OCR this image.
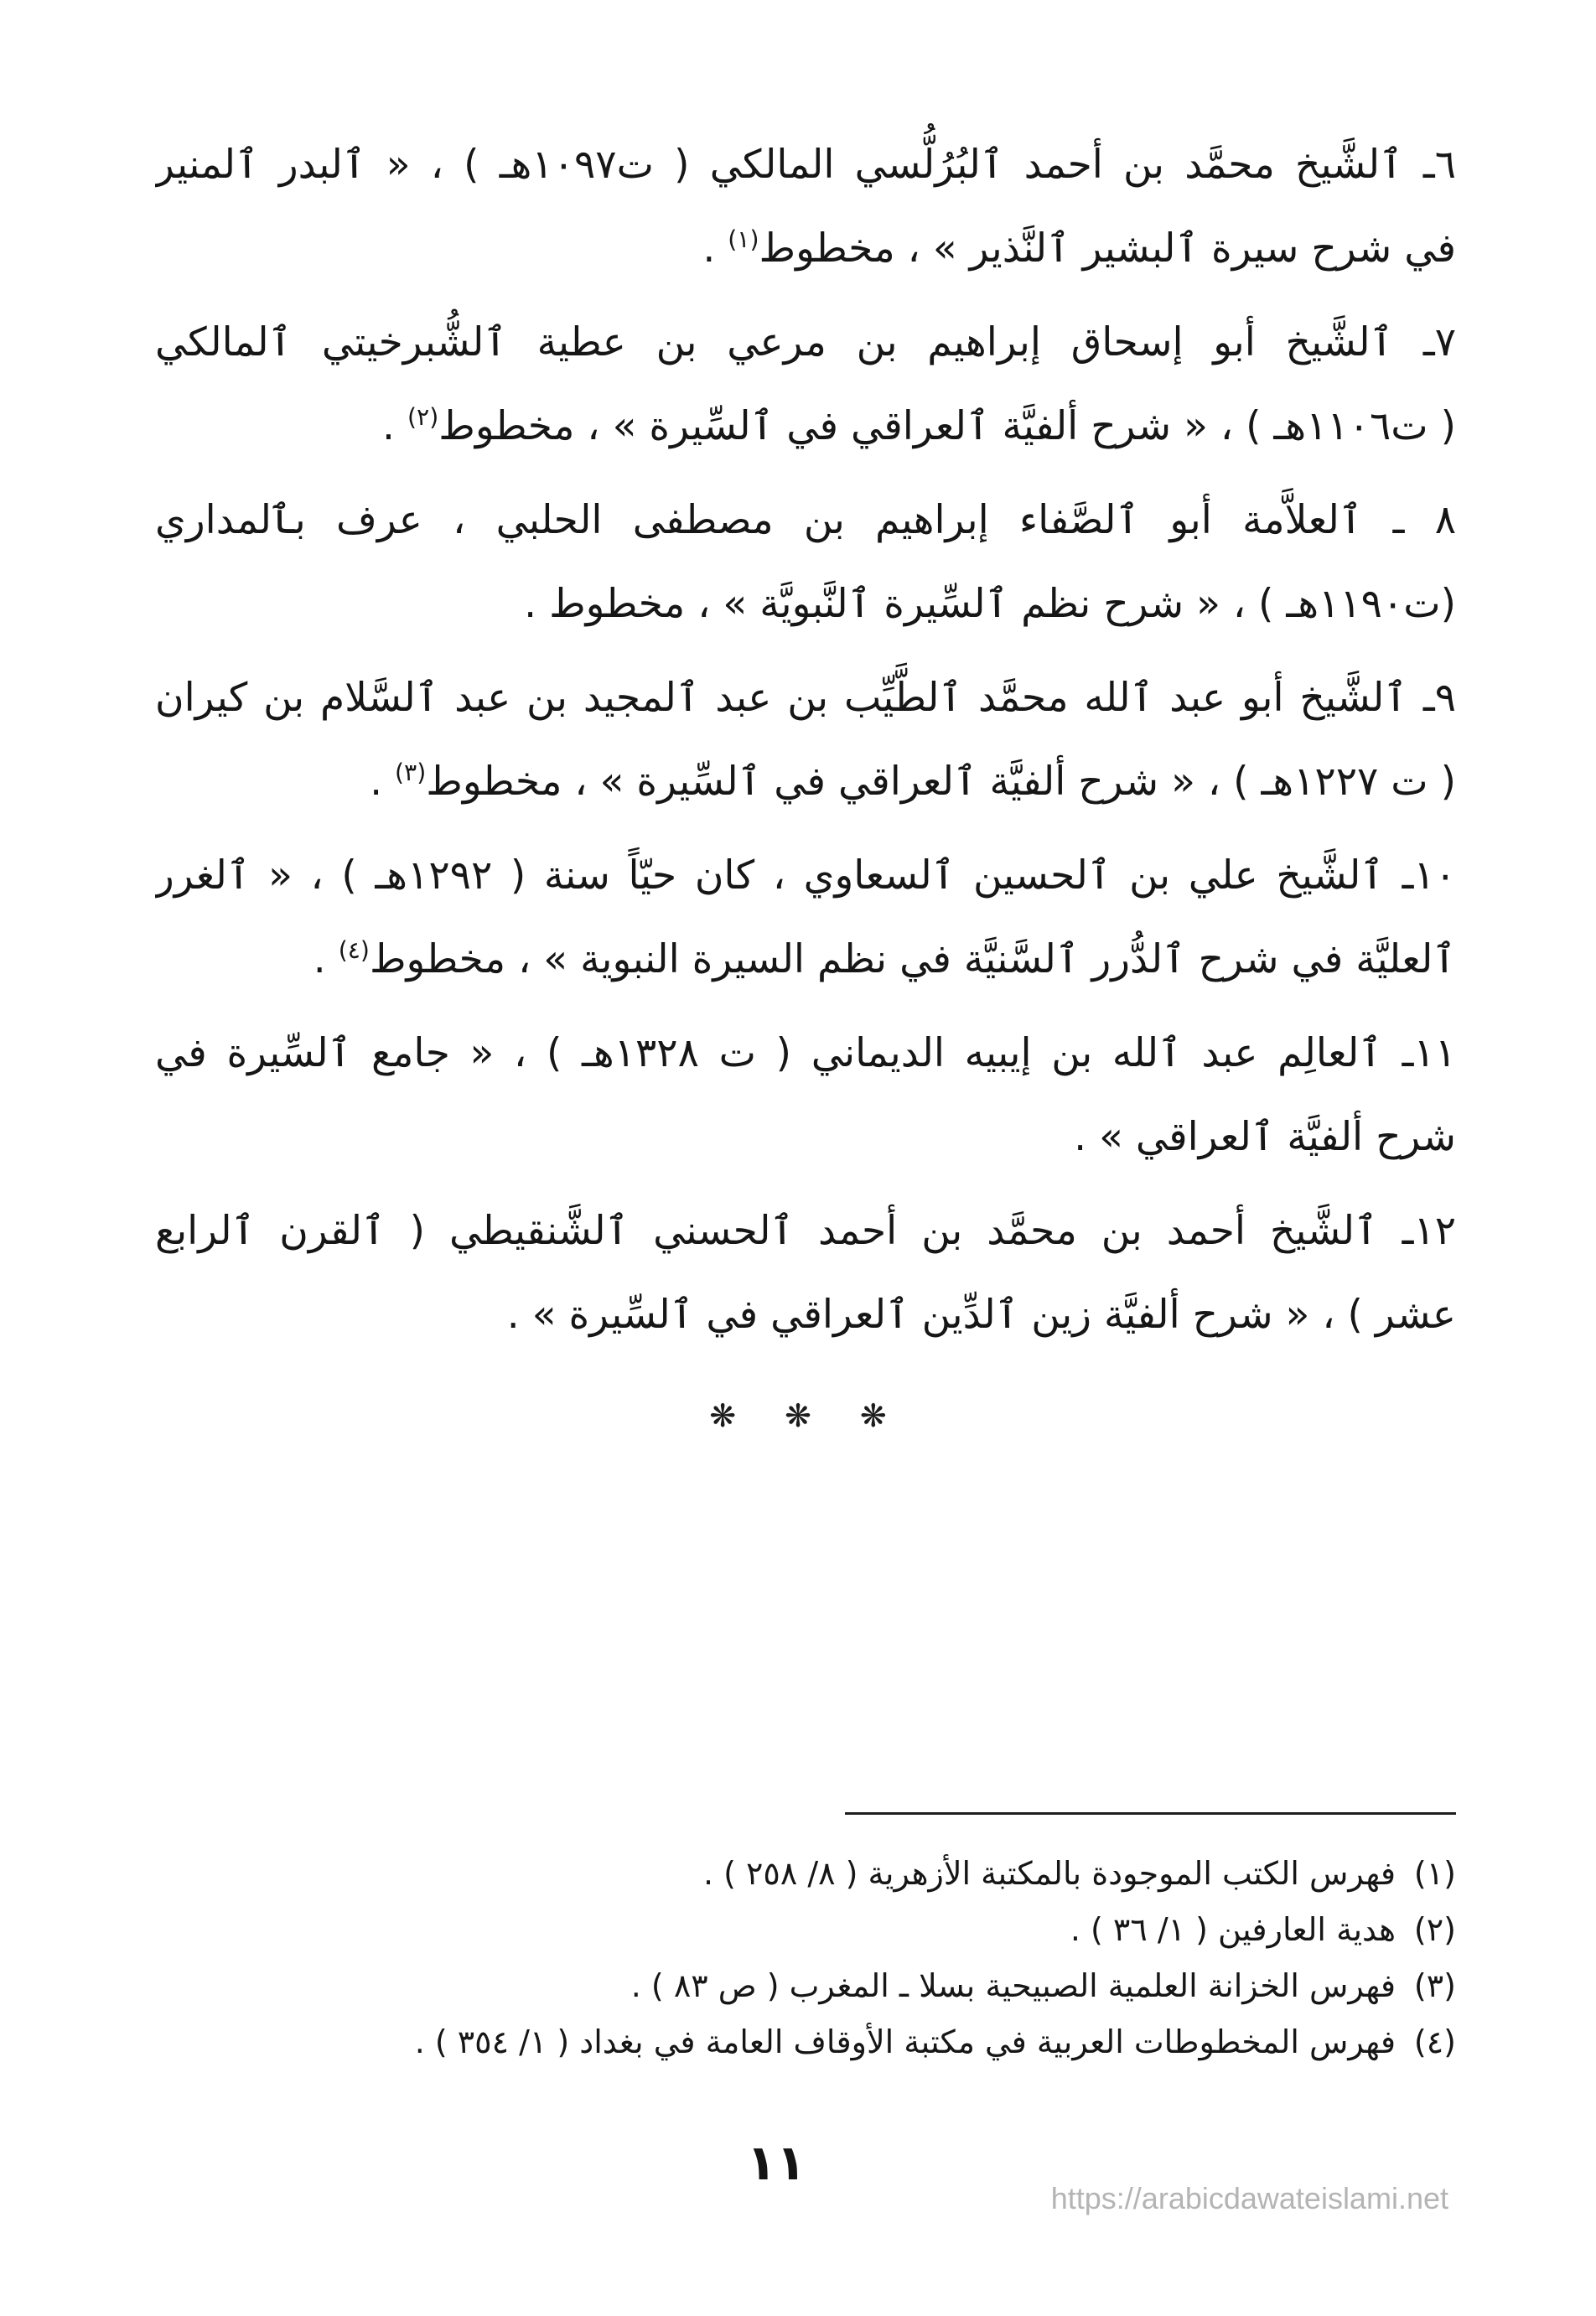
٦ـ ٱلشَّيخ محمَّد بن أحمد ٱلبُرُلُّسي المالكي ( ت١٠٩٧هـ ) ، « ٱلبدر ٱلمنير
في شرح سيرة ٱلبشير ٱلنَّذير » ، مخطوط$^{(١)}$ .
٧ـ ٱلشَّيخ أبو إسحاق إبراهيم بن مرعي بن عطية ٱلشُّبرخيتي ٱلمالكي
( ت١١٠٦هـ ) ، « شرح ألفيَّة ٱلعراقي في ٱلسِّيرة » ، مخطوط$^{(٢)}$ .
٨ ـ ٱلعلاَّمة أبو ٱلصَّفاء إبراهيم بن مصطفى الحلبي ، عرف بٱلمداري
(ت١١٩٠هـ ) ، « شرح نظم ٱلسِّيرة ٱلنَّبويَّة » ، مخطوط .
٩ـ ٱلشَّيخ أبو عبد ٱلله محمَّد ٱلطَّيِّب بن عبد ٱلمجيد بن عبد ٱلسَّلام بن كيران
( ت ١٢٢٧هـ ) ، « شرح ألفيَّة ٱلعراقي في ٱلسِّيرة » ، مخطوط$^{(٣)}$ .
١٠ـ ٱلشَّيخ علي بن ٱلحسين ٱلسعاوي ، كان حيّاً سنة ( ١٢٩٢هـ ) ، « ٱلغرر
ٱلعليَّة في شرح ٱلدُّرر ٱلسَّنيَّة في نظم السيرة النبوية » ، مخطوط$^{(٤)}$ .
١١ـ ٱلعالِم عبد ٱلله بن إيبيه الديماني ( ت ١٣٢٨هـ ) ، « جامع ٱلسِّيرة في
شرح ألفيَّة ٱلعراقي » .
١٢ـ ٱلشَّيخ أحمد بن محمَّد بن أحمد ٱلحسني ٱلشَّنقيطي ( ٱلقرن ٱلرابع
عشر ) ، « شرح ألفيَّة زين ٱلدِّين ٱلعراقي في ٱلسِّيرة » .
❋ ❋ ❋
(١)فهرس الكتب الموجودة بالمكتبة الأزهرية ( ٨/ ٢٥٨ ) .
(٢)هدية العارفين ( ١/ ٣٦ ) .
(٣)فهرس الخزانة العلمية الصبيحية بسلا ـ المغرب ( ص ٨٣ ) .
(٤)فهرس المخطوطات العربية في مكتبة الأوقاف العامة في بغداد ( ١/ ٣٥٤ ) .
١١
https://arabicdawateislami.net
